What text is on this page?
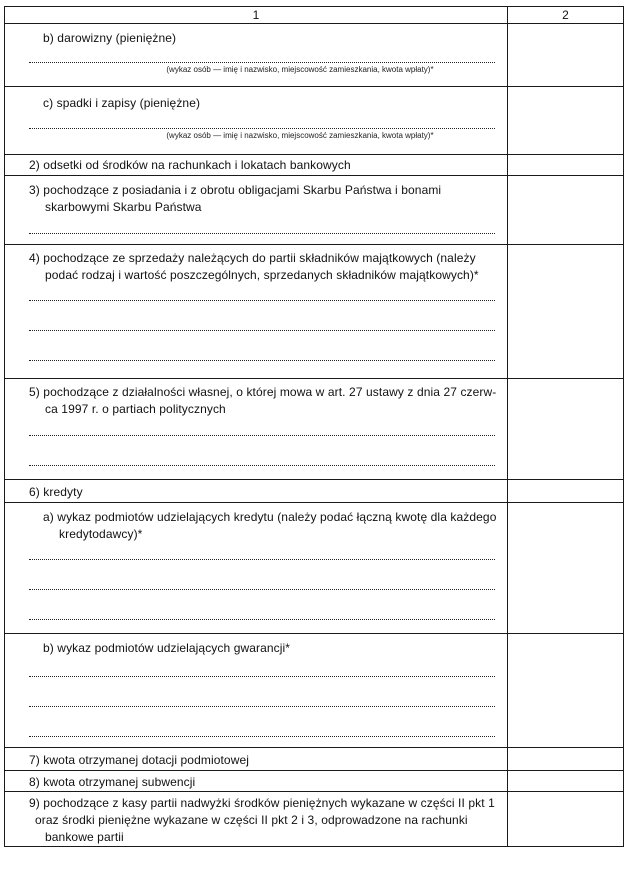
1	2

b) darowizny (pieniężne)
(wykaz osób — imię i nazwisko, miejscowość zamieszkania, kwota wpłaty)*	

c) spadki i zapisy (pieniężne)
(wykaz osób — imię i nazwisko, miejscowość zamieszkania, kwota wpłaty)*	

2) odsetki od środków na rachunkach i lokatach bankowych	

3) pochodzące z posiadania i z obrotu obligacjami Skarbu Państwa i bonami
skarbowymi Skarbu Państwa	

4) pochodzące ze sprzedaży należących do partii składników majątkowych (należy
podać rodzaj i wartość poszczególnych, sprzedanych składników majątkowych)*	

5) pochodzące z działalności własnej, o której mowa w art. 27 ustawy z dnia 27 czerw-
ca 1997 r. o partiach politycznych	

6) kredyty	

a) wykaz podmiotów udzielających kredytu (należy podać łączną kwotę dla każdego
kredytodawcy)*	

b) wykaz podmiotów udzielających gwarancji*	

7) kwota otrzymanej dotacji podmiotowej	

8) kwota otrzymanej subwencji	

9) pochodzące z kasy partii nadwyżki środków pieniężnych wykazane w części II pkt 1
oraz środki pieniężne wykazane w części II pkt 2 i 3, odprowadzone na rachunki
bankowe partii	
